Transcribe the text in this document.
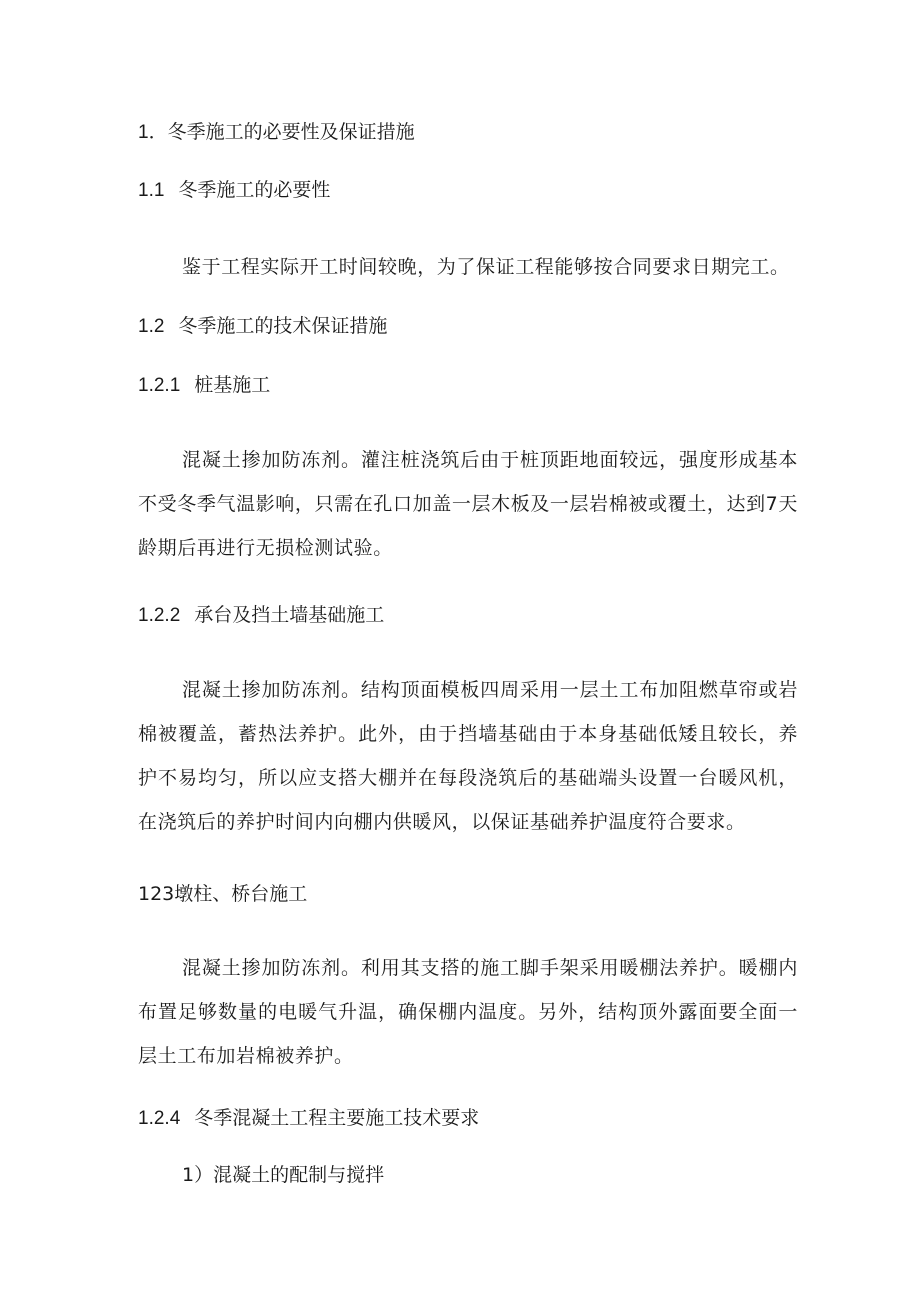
1．冬季施工的必要性及保证措施
1.1 冬季施工的必要性
鉴于工程实际开工时间较晚，为了保证工程能够按合同要求日期完工。
1.2 冬季施工的技术保证措施
1.2.1 桩基施工
混凝土掺加防冻剂。灌注桩浇筑后由于桩顶距地面较远，强度形成基本不受冬季气温影响，只需在孔口加盖一层木板及一层岩棉被或覆土，达到7天龄期后再进行无损检测试验。
1.2.2 承台及挡土墙基础施工
混凝土掺加防冻剂。结构顶面模板四周采用一层土工布加阻燃草帘或岩棉被覆盖，蓄热法养护。此外，由于挡墙基础由于本身基础低矮且较长，养护不易均匀，所以应支搭大棚并在每段浇筑后的基础端头设置一台暖风机，在浇筑后的养护时间内向棚内供暖风，以保证基础养护温度符合要求。
123墩柱、桥台施工
混凝土掺加防冻剂。利用其支搭的施工脚手架采用暖棚法养护。暖棚内布置足够数量的电暖气升温，确保棚内温度。另外，结构顶外露面要全面一层土工布加岩棉被养护。
1.2.4 冬季混凝土工程主要施工技术要求
1）混凝土的配制与搅拌
